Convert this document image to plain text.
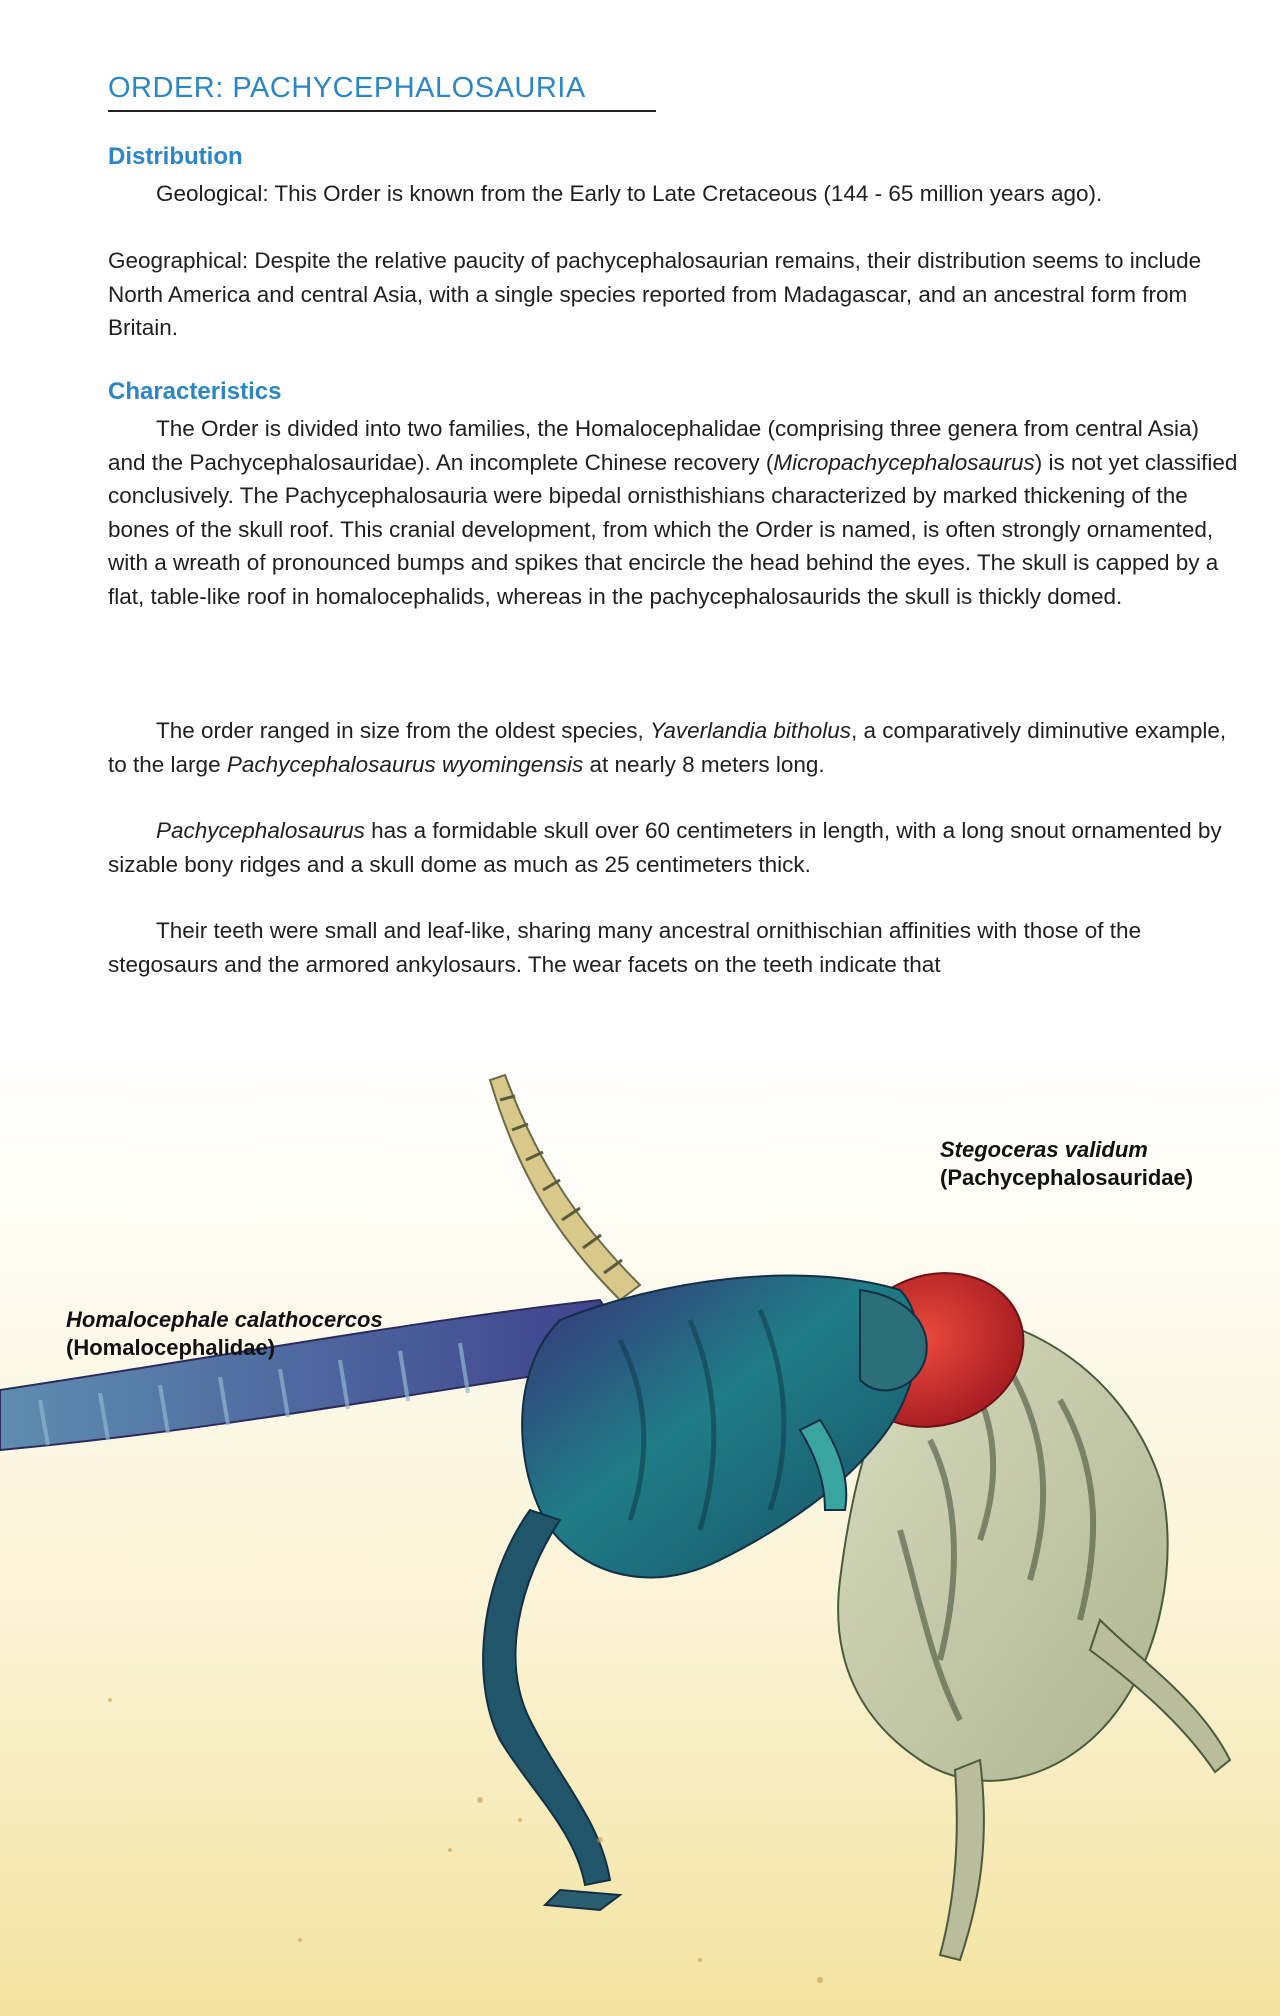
ORDER: PACHYCEPHALOSAURIA
Distribution

Geological: This Order is known from the Early to Late Cretaceous (144 - 65 million years ago).

Geographical: Despite the relative paucity of pachycephalosaurian remains, their distribution seems to include North America and central Asia, with a single species reported from Madagascar, and an ancestral form from Britain.

Characteristics

The Order is divided into two families, the Homalocephalidae (comprising three genera from central Asia) and the Pachycephalosauridae). An incomplete Chinese recovery (Micropachycephalosaurus) is not yet classified conclusively. The Pachycephalosauria were bipedal ornisthishians characterized by marked thickening of the bones of the skull roof. This cranial development, from which the Order is named, is often strongly ornamented, with a wreath of pronounced bumps and spikes that encircle the head behind the eyes. The skull is capped by a flat, table-like roof in homalocephalids, whereas in the pachycephalosaurids the skull is thickly domed.

The order ranged in size from the oldest species, Yaverlandia bitholus, a comparatively diminutive example, to the large Pachycephalosaurus wyomingensis at nearly 8 meters long.

Pachycephalosaurus has a formidable skull over 60 centimeters in length, with a long snout ornamented by sizable bony ridges and a skull dome as much as 25 centimeters thick.

Their teeth were small and leaf-like, sharing many ancestral ornithischian affinities with those of the stegosaurs and the armored ankylosaurs. The wear facets on the teeth indicate that

Stegoceras validum
(Pachycephalosauridae)
Homalocephale calathocercos
(Homalocephalidae)
